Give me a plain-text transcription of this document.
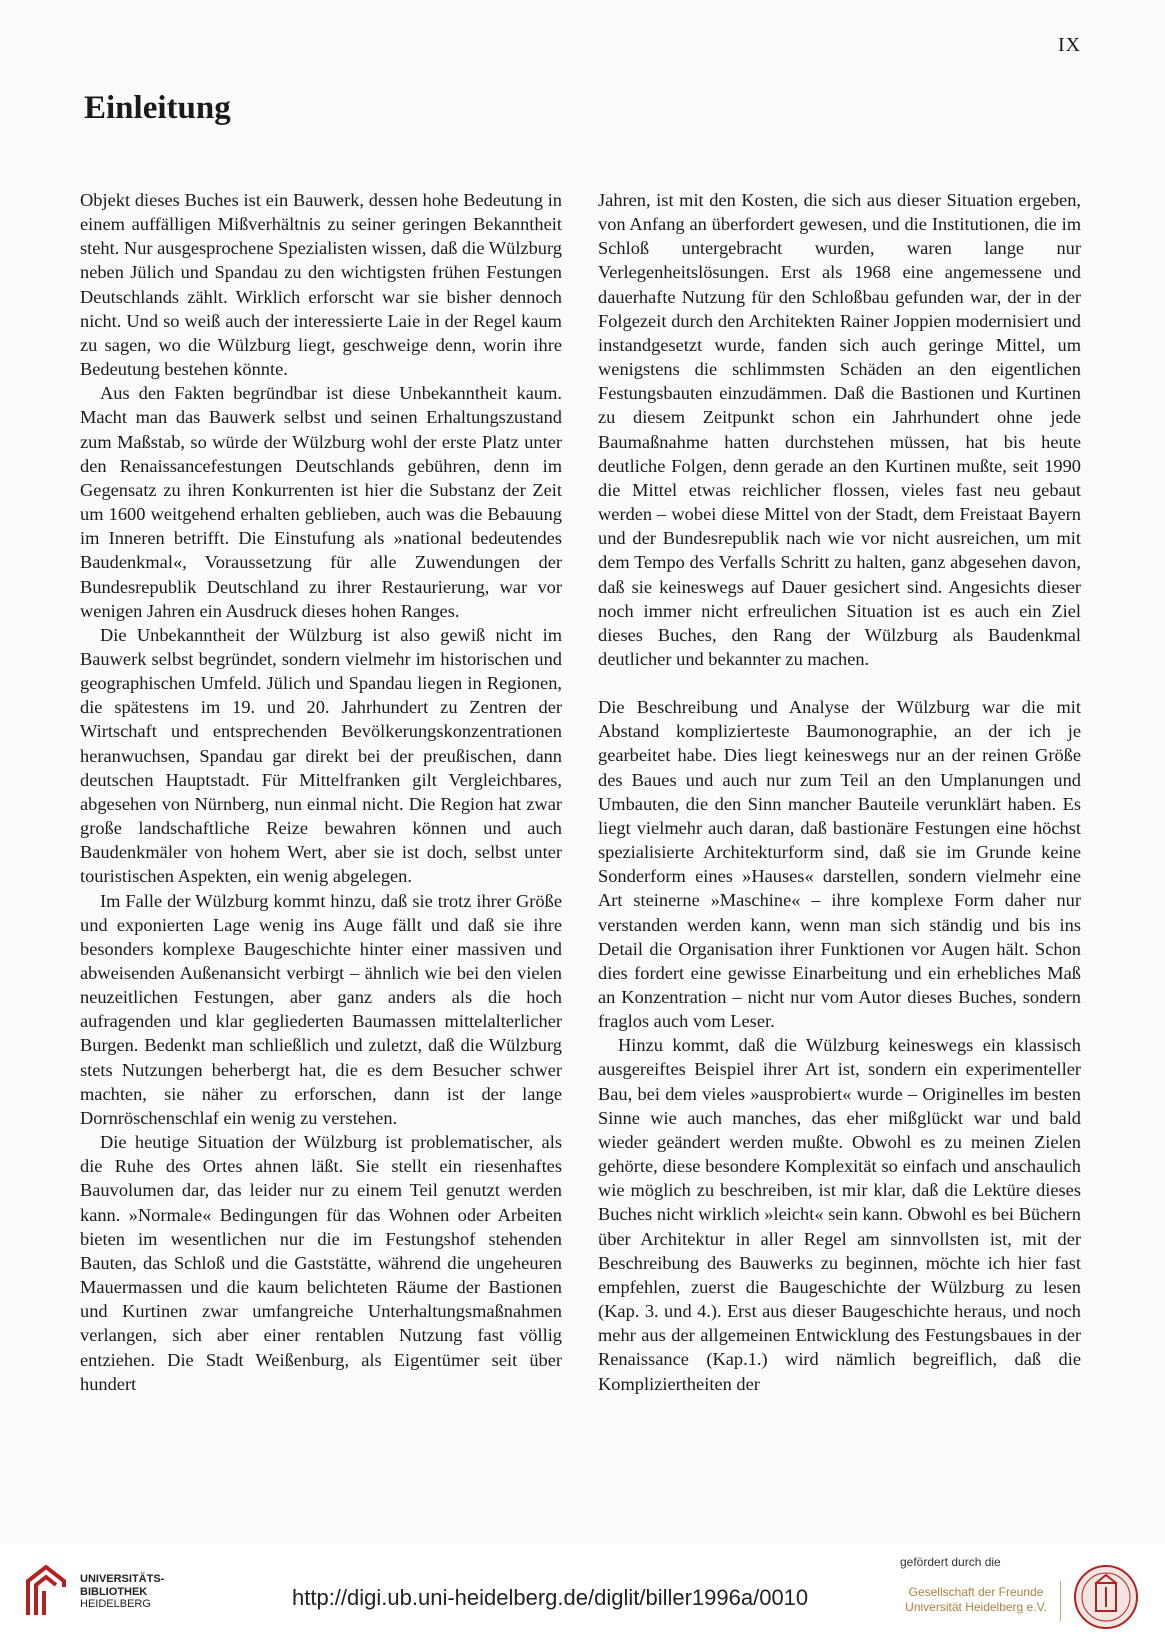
IX
Einleitung

Objekt dieses Buches ist ein Bauwerk, dessen hohe Bedeutung in einem auffälligen Mißverhältnis zu seiner geringen Bekanntheit steht. Nur ausgesprochene Spezialisten wissen, daß die Wülzburg neben Jülich und Spandau zu den wichtigsten frühen Festungen Deutschlands zählt. Wirklich erforscht war sie bisher dennoch nicht. Und so weiß auch der interessierte Laie in der Regel kaum zu sagen, wo die Wülzburg liegt, geschweige denn, worin ihre Bedeutung bestehen könnte.

Aus den Fakten begründbar ist diese Unbekanntheit kaum. Macht man das Bauwerk selbst und seinen Erhaltungszustand zum Maßstab, so würde der Wülzburg wohl der erste Platz unter den Renaissancefestungen Deutschlands gebühren, denn im Gegensatz zu ihren Konkurrenten ist hier die Substanz der Zeit um 1600 weitgehend erhalten geblieben, auch was die Bebauung im Inneren betrifft. Die Einstufung als »national bedeutendes Baudenkmal«, Voraussetzung für alle Zuwendungen der Bundesrepublik Deutschland zu ihrer Restaurierung, war vor wenigen Jahren ein Ausdruck dieses hohen Ranges.

Die Unbekanntheit der Wülzburg ist also gewiß nicht im Bauwerk selbst begründet, sondern vielmehr im historischen und geographischen Umfeld. Jülich und Spandau liegen in Regionen, die spätestens im 19. und 20. Jahrhundert zu Zentren der Wirtschaft und entsprechenden Bevölkerungskonzentrationen heranwuchsen, Spandau gar direkt bei der preußischen, dann deutschen Hauptstadt. Für Mittelfranken gilt Vergleichbares, abgesehen von Nürnberg, nun einmal nicht. Die Region hat zwar große landschaftliche Reize bewahren können und auch Baudenkmäler von hohem Wert, aber sie ist doch, selbst unter touristischen Aspekten, ein wenig abgelegen.

Im Falle der Wülzburg kommt hinzu, daß sie trotz ihrer Größe und exponierten Lage wenig ins Auge fällt und daß sie ihre besonders komplexe Baugeschichte hinter einer massiven und abweisenden Außenansicht verbirgt – ähnlich wie bei den vielen neuzeitlichen Festungen, aber ganz anders als die hoch aufragenden und klar gegliederten Baumassen mittelalterlicher Burgen. Bedenkt man schließlich und zuletzt, daß die Wülzburg stets Nutzungen beherbergt hat, die es dem Besucher schwer machten, sie näher zu erforschen, dann ist der lange Dornröschenschlaf ein wenig zu verstehen.

Die heutige Situation der Wülzburg ist problematischer, als die Ruhe des Ortes ahnen läßt. Sie stellt ein riesenhaftes Bauvolumen dar, das leider nur zu einem Teil genutzt werden kann. »Normale« Bedingungen für das Wohnen oder Arbeiten bieten im wesentlichen nur die im Festungshof stehenden Bauten, das Schloß und die Gaststätte, während die ungeheuren Mauermassen und die kaum belichteten Räume der Bastionen und Kurtinen zwar umfangreiche Unterhaltungsmaßnahmen verlangen, sich aber einer rentablen Nutzung fast völlig entziehen. Die Stadt Weißenburg, als Eigentümer seit über hundert

Jahren, ist mit den Kosten, die sich aus dieser Situation ergeben, von Anfang an überfordert gewesen, und die Institutionen, die im Schloß untergebracht wurden, waren lange nur Verlegenheitslösungen. Erst als 1968 eine angemessene und dauerhafte Nutzung für den Schloßbau gefunden war, der in der Folgezeit durch den Architekten Rainer Joppien modernisiert und instandgesetzt wurde, fanden sich auch geringe Mittel, um wenigstens die schlimmsten Schäden an den eigentlichen Festungsbauten einzudämmen. Daß die Bastionen und Kurtinen zu diesem Zeitpunkt schon ein Jahrhundert ohne jede Baumaßnahme hatten durchstehen müssen, hat bis heute deutliche Folgen, denn gerade an den Kurtinen mußte, seit 1990 die Mittel etwas reichlicher flossen, vieles fast neu gebaut werden – wobei diese Mittel von der Stadt, dem Freistaat Bayern und der Bundesrepublik nach wie vor nicht ausreichen, um mit dem Tempo des Verfalls Schritt zu halten, ganz abgesehen davon, daß sie keineswegs auf Dauer gesichert sind. Angesichts dieser noch immer nicht erfreulichen Situation ist es auch ein Ziel dieses Buches, den Rang der Wülzburg als Baudenkmal deutlicher und bekannter zu machen.

Die Beschreibung und Analyse der Wülzburg war die mit Abstand komplizierteste Baumonographie, an der ich je gearbeitet habe. Dies liegt keineswegs nur an der reinen Größe des Baues und auch nur zum Teil an den Umplanungen und Umbauten, die den Sinn mancher Bauteile verunklärt haben. Es liegt vielmehr auch daran, daß bastionäre Festungen eine höchst spezialisierte Architekturform sind, daß sie im Grunde keine Sonderform eines »Hauses« darstellen, sondern vielmehr eine Art steinerne »Maschine« – ihre komplexe Form daher nur verstanden werden kann, wenn man sich ständig und bis ins Detail die Organisation ihrer Funktionen vor Augen hält. Schon dies fordert eine gewisse Einarbeitung und ein erhebliches Maß an Konzentration – nicht nur vom Autor dieses Buches, sondern fraglos auch vom Leser.

Hinzu kommt, daß die Wülzburg keineswegs ein klassisch ausgereiftes Beispiel ihrer Art ist, sondern ein experimenteller Bau, bei dem vieles »ausprobiert« wurde – Originelles im besten Sinne wie auch manches, das eher mißglückt war und bald wieder geändert werden mußte. Obwohl es zu meinen Zielen gehörte, diese besondere Komplexität so einfach und anschaulich wie möglich zu beschreiben, ist mir klar, daß die Lektüre dieses Buches nicht wirklich »leicht« sein kann. Obwohl es bei Büchern über Architektur in aller Regel am sinnvollsten ist, mit der Beschreibung des Bauwerks zu beginnen, möchte ich hier fast empfehlen, zuerst die Baugeschichte der Wülzburg zu lesen (Kap. 3. und 4.). Erst aus dieser Baugeschichte heraus, und noch mehr aus der allgemeinen Entwicklung des Festungsbaues in der Renaissance (Kap.1.) wird nämlich begreiflich, daß die Kompliziertheiten der

UNIVERSITÄTS-
BIBLIOTHEK
HEIDELBERG	http://digi.ub.uni-heidelberg.de/diglit/biller1996a/0010
gefördert durch die
Gesellschaft der Freunde
Universität Heidelberg e.V.
